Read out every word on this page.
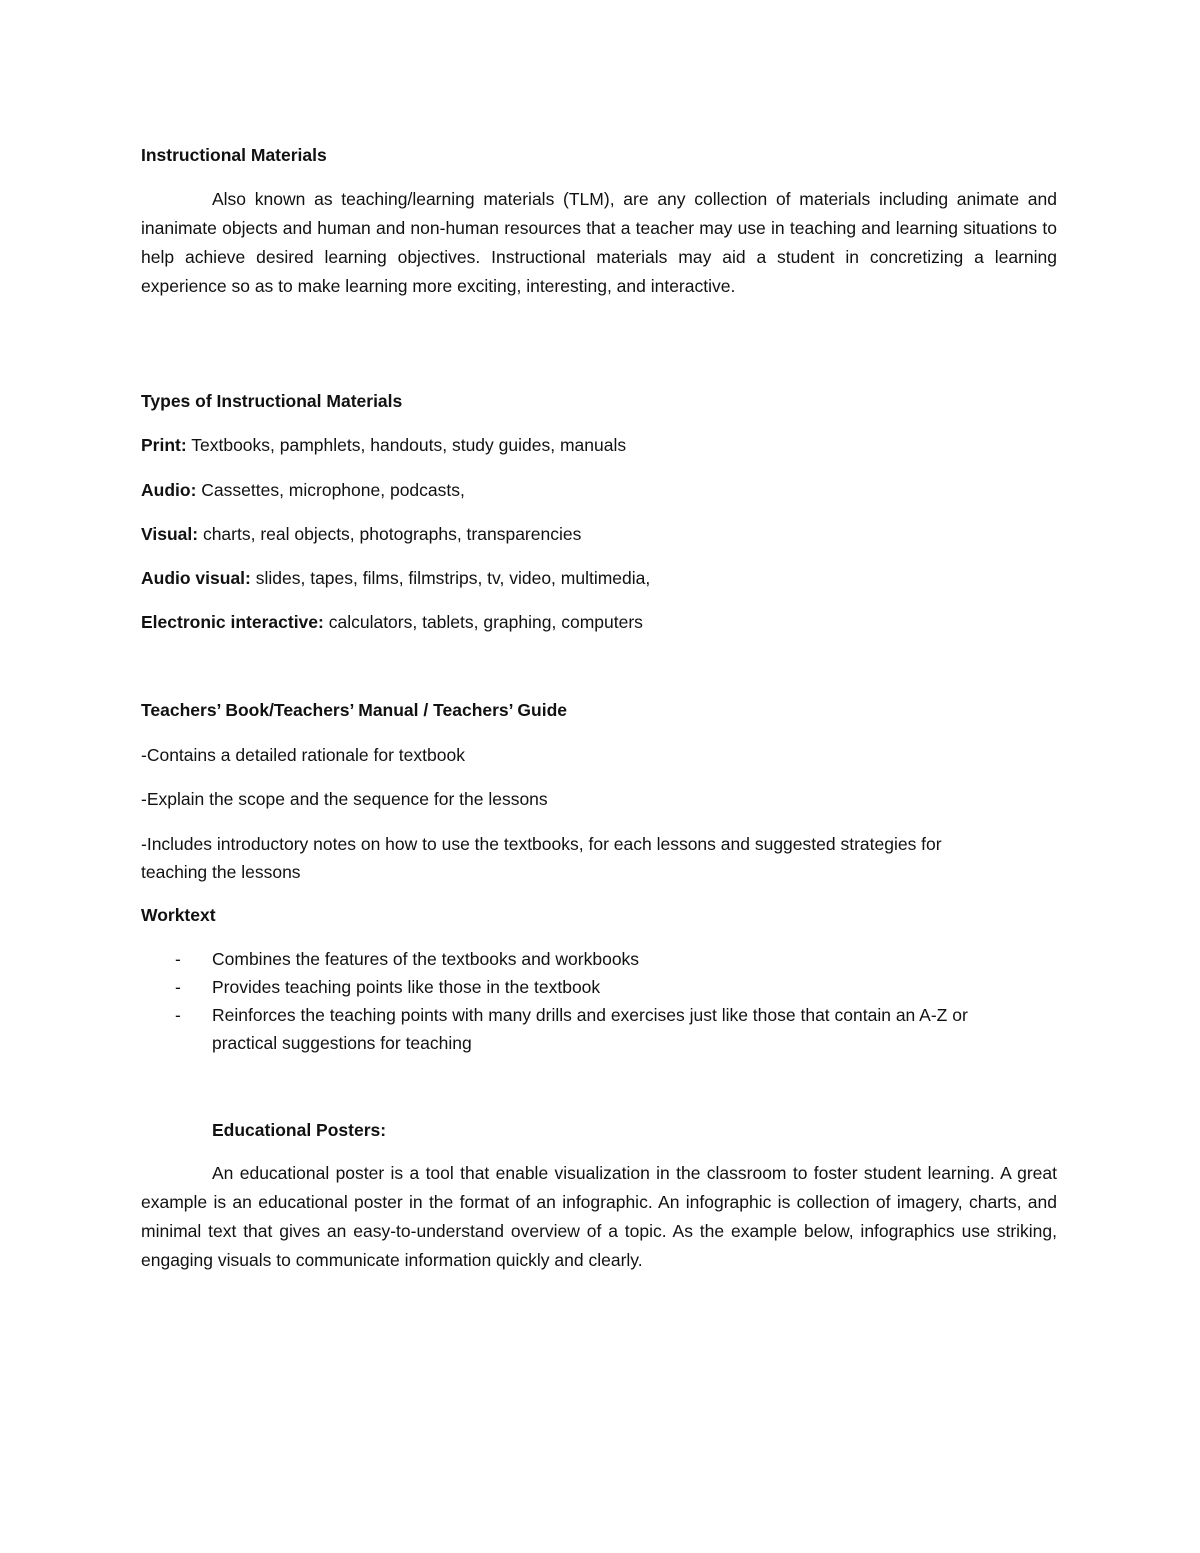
Instructional Materials

Also known as teaching/learning materials (TLM), are any collection of materials including animate and inanimate objects and human and non-human resources that a teacher may use in teaching and learning situations to help achieve desired learning objectives. Instructional materials may aid a student in concretizing a learning experience so as to make learning more exciting, interesting, and interactive.

Types of Instructional Materials

Print: Textbooks, pamphlets, handouts, study guides, manuals

Audio: Cassettes, microphone, podcasts,

Visual: charts, real objects, photographs, transparencies

Audio visual: slides, tapes, films, filmstrips, tv, video, multimedia,

Electronic interactive: calculators, tablets, graphing, computers

Teachers’ Book/Teachers’ Manual / Teachers’ Guide

-Contains a detailed rationale for textbook

-Explain the scope and the sequence for the lessons

-Includes introductory notes on how to use the textbooks, for each lessons and suggested strategies for

teaching the lessons

Worktext

- Combines the features of the textbooks and workbooks
- Provides teaching points like those in the textbook
- Reinforces the teaching points with many drills and exercises just like those that contain an A-Z or practical suggestions for teaching

Educational Posters:

An educational poster is a tool that enable visualization in the classroom to foster student learning. A great example is an educational poster in the format of an infographic. An infographic is collection of imagery, charts, and minimal text that gives an easy-to-understand overview of a topic. As the example below, infographics use striking, engaging visuals to communicate information quickly and clearly.
